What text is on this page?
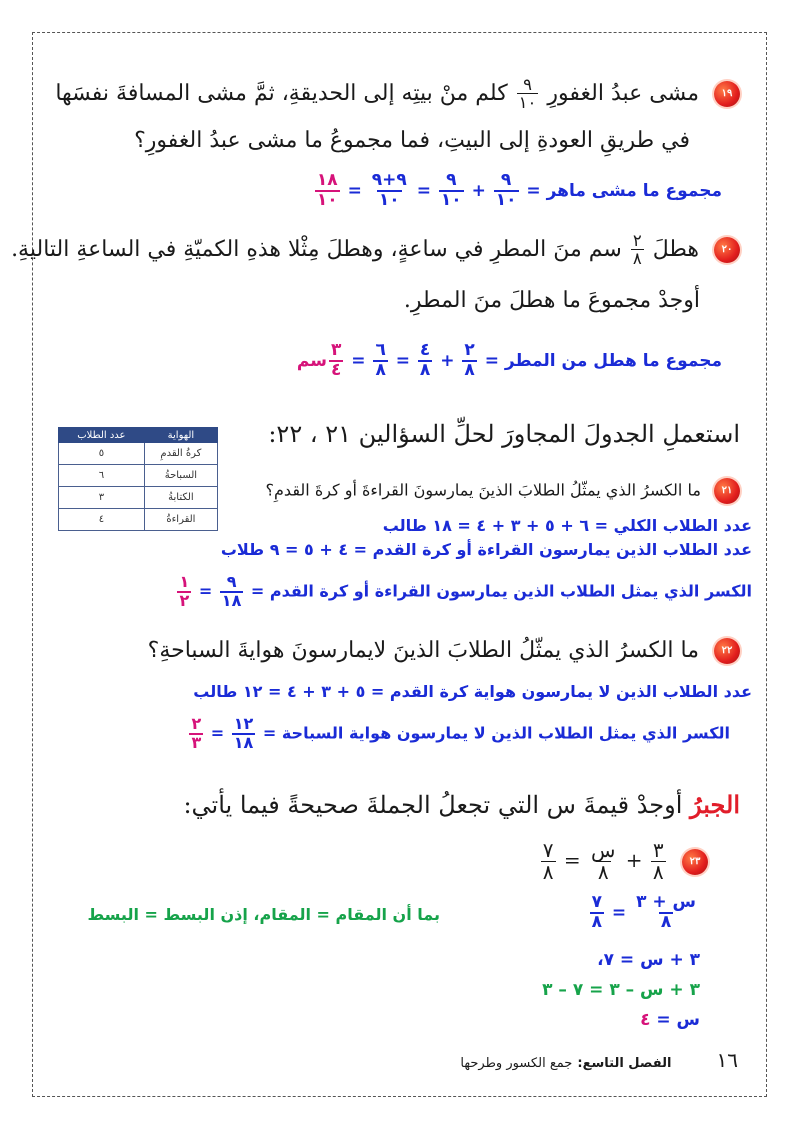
١٩ مشى عبدُ الغفورِ
$\frac{٩}{١٠}$
كلم منْ بيتِه إلى الحديقةِ، ثمَّ مشى المسافةَ نفسَها
في طريقِ العودةِ إلى البيتِ، فما مجموعُ ما مشى عبدُ الغفورِ؟
مجموع ما مشى ماهر =
$\frac{٩}{١٠}$
+
$\frac{٩}{١٠}$
=
$\frac{٩+٩}{١٠}$
=
$\frac{١٨}{١٠}$
٢٠ هطلَ
$\frac{٢}{٨}$
سم منَ المطرِ في ساعةٍ، وهطلَ مِثْلا هذهِ الكميّةِ في الساعةِ التاليةِ.
أوجدْ مجموعَ ما هطلَ منَ المطرِ.
مجموع ما هطل من المطر =
$\frac{٢}{٨}$
+
$\frac{٤}{٨}$
=
$\frac{٦}{٨}$
=
$\frac{٣}{٤}$
سم
استعملِ الجدولَ المجاورَ لحلِّ السؤالين ٢١ ، ٢٢:
الهواية	عدد الطلاب
كرةُ القدمِ	٥
السباحةُ	٦
الكتابةُ	٣
القراءةُ	٤
٢١ ما الكسرُ الذي يمثّلُ الطلابَ الذينَ يمارسونَ القراءةَ أو كرةَ القدمِ؟
عدد الطلاب الكلي = ٦ + ٥ + ٣ + ٤ = ١٨ طالب
عدد الطلاب الذين يمارسون القراءة أو كرة القدم = ٤ + ٥ = ٩ طلاب
الكسر الذي يمثل الطلاب الذين يمارسون القراءة أو كرة القدم =
$\frac{٩}{١٨}$
=
$\frac{١}{٢}$
٢٢ ما الكسرُ الذي يمثّلُ الطلابَ الذينَ لايمارسونَ هوايةَ السباحةِ؟
عدد الطلاب الذين لا يمارسون هواية كرة القدم = ٥ + ٣ + ٤ = ١٢ طالب
الكسر الذي يمثل الطلاب الذين لا يمارسون هواية السباحة =
$\frac{١٢}{١٨}$
=
$\frac{٢}{٣}$
الجبرُ أوجدْ قيمةَ س التي تجعلُ الجملةَ صحيحةً فيما يأتي:
٢٣
$\frac{٣}{٨}$
+
$\frac{\text{س}}{٨}$
=
$\frac{٧}{٨}$
$\frac{\text{س + ٣}}{٨}$
=
$\frac{٧}{٨}$
بما أن المقام = المقام، إذن البسط = البسط
٣ + س = ٧،
٣ + س – ٣ = ٧ – ٣
س = ٤
١٦ الفصل التاسع: جمع الكسور وطرحها
